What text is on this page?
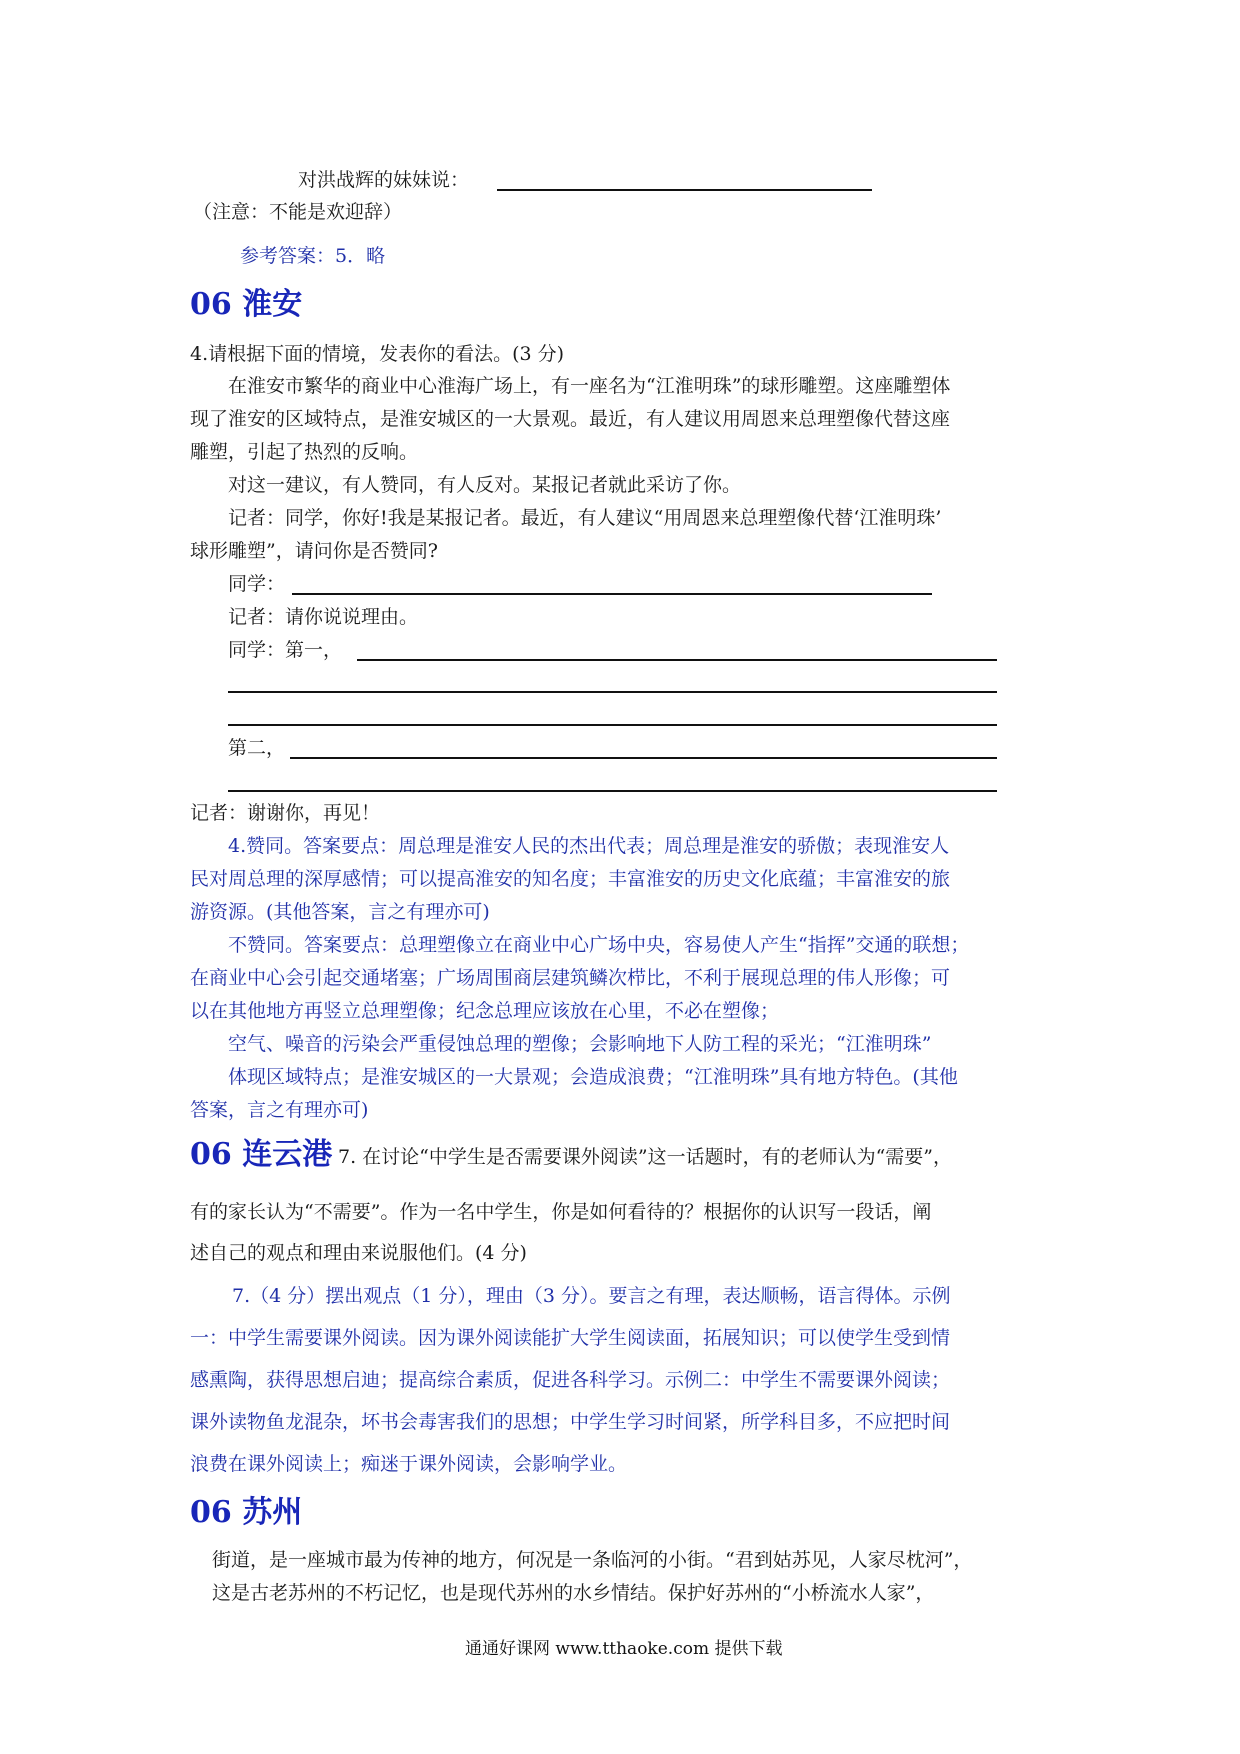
对洪战辉的妹妹说：
（注意：不能是欢迎辞）
参考答案：5．略
06 淮安
4.请根据下面的情境，发表你的看法。(3 分)
在淮安市繁华的商业中心淮海广场上，有一座名为“江淮明珠”的球形雕塑。这座雕塑体
现了淮安的区域特点，是淮安城区的一大景观。最近，有人建议用周恩来总理塑像代替这座
雕塑，引起了热烈的反响。
对这一建议，有人赞同，有人反对。某报记者就此采访了你。
记者：同学，你好!我是某报记者。最近，有人建议“用周恩来总理塑像代替‘江淮明珠’
球形雕塑”，请问你是否赞同?
同学：
记者：请你说说理由。
同学：第一，
第二，
记者：谢谢你，再见！
4.赞同。答案要点：周总理是淮安人民的杰出代表；周总理是淮安的骄傲；表现淮安人
民对周总理的深厚感情；可以提高淮安的知名度；丰富淮安的历史文化底蕴；丰富淮安的旅
游资源。(其他答案，言之有理亦可)
不赞同。答案要点：总理塑像立在商业中心广场中央，容易使人产生“指挥”交通的联想；
在商业中心会引起交通堵塞；广场周围商层建筑鳞次栉比，不利于展现总理的伟人形像；可
以在其他地方再竖立总理塑像；纪念总理应该放在心里，不必在塑像；
空气、噪音的污染会严重侵蚀总理的塑像；会影响地下人防工程的采光；“江淮明珠”
体现区域特点；是淮安城区的一大景观；会造成浪费；“江淮明珠”具有地方特色。(其他
答案，言之有理亦可)
06 连云港 7. 在讨论“中学生是否需要课外阅读”这一话题时，有的老师认为“需要”，
有的家长认为“不需要”。作为一名中学生，你是如何看待的？根据你的认识写一段话，阐
述自己的观点和理由来说服他们。(4 分)
7.（4 分）摆出观点（1 分），理由（3 分）。要言之有理，表达顺畅，语言得体。示例
一：中学生需要课外阅读。因为课外阅读能扩大学生阅读面，拓展知识；可以使学生受到情
感熏陶，获得思想启迪；提高综合素质，促进各科学习。示例二：中学生不需要课外阅读；
课外读物鱼龙混杂，坏书会毒害我们的思想；中学生学习时间紧，所学科目多，不应把时间
浪费在课外阅读上；痴迷于课外阅读，会影响学业。
06 苏州
街道，是一座城市最为传神的地方，何况是一条临河的小街。“君到姑苏见，人家尽枕河”，
这是古老苏州的不朽记忆，也是现代苏州的水乡情结。保护好苏州的“小桥流水人家”，
通通好课网 www.tthaoke.com 提供下载
